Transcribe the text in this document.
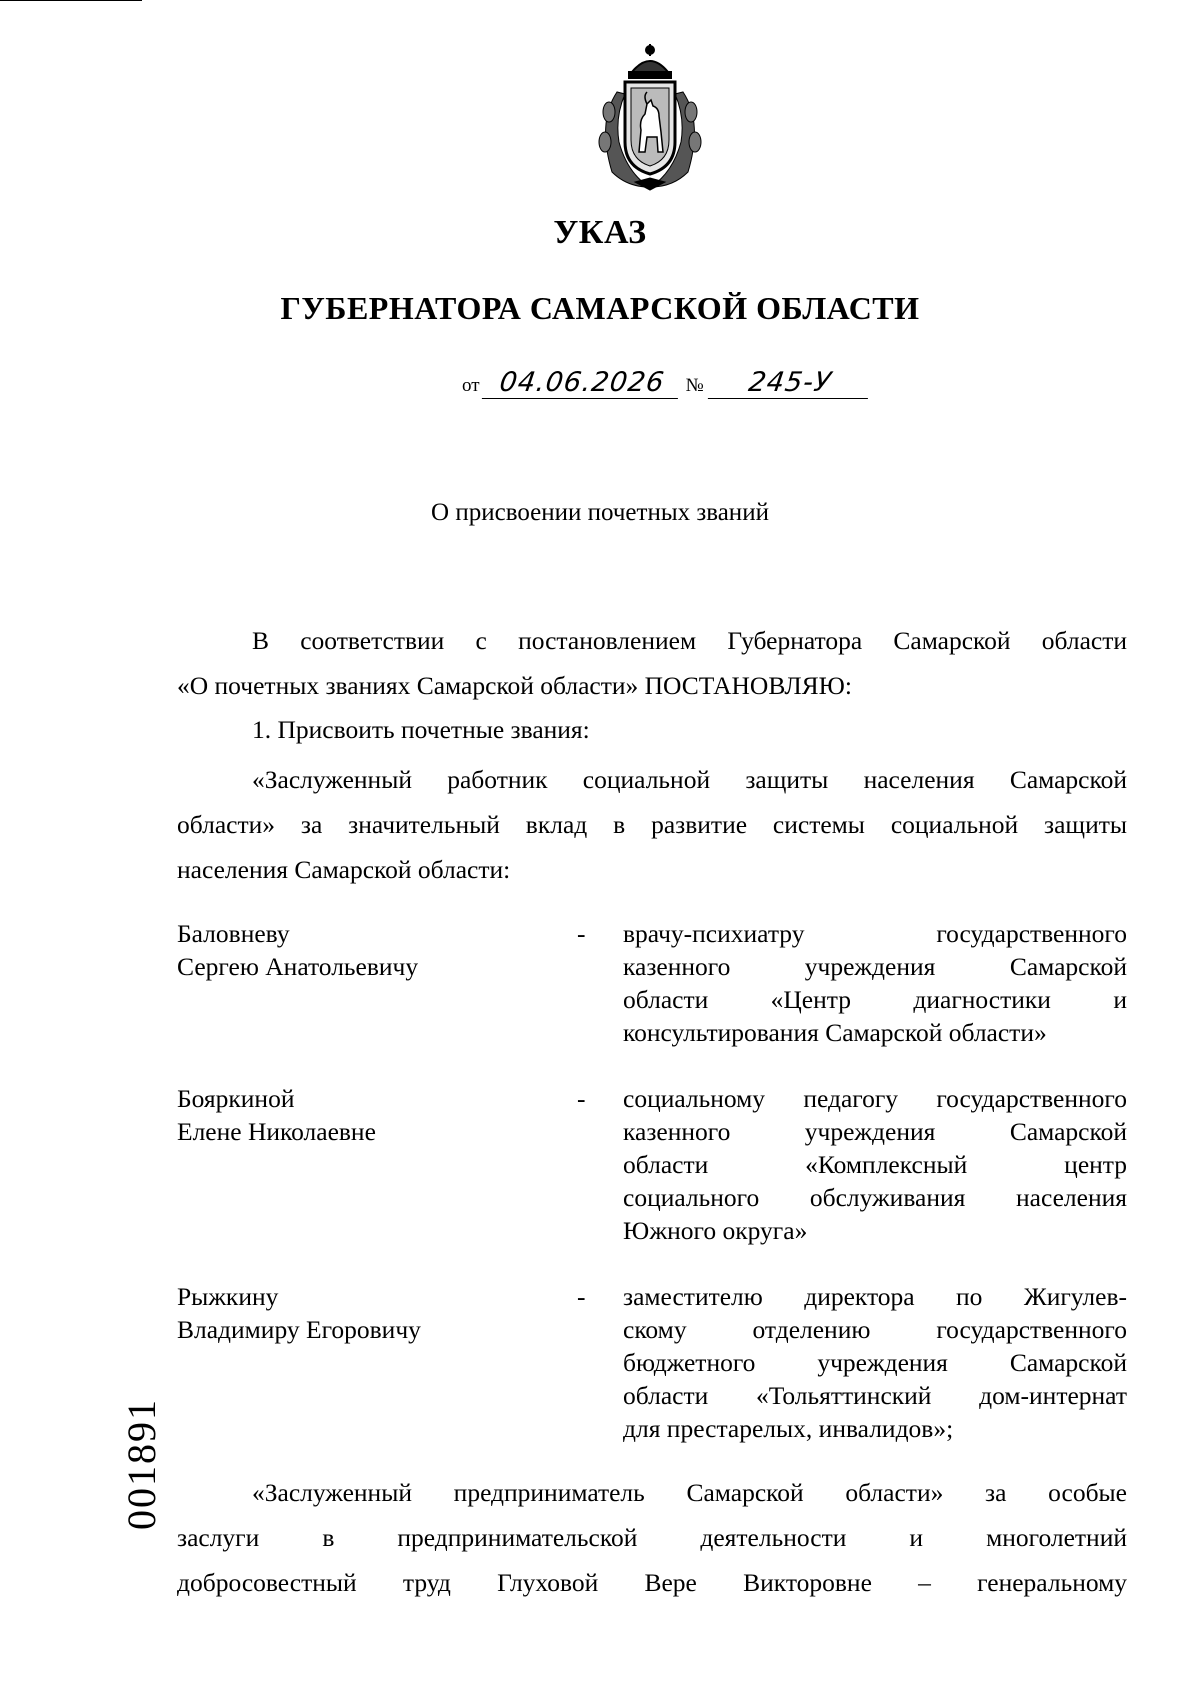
УКАЗ
ГУБЕРНАТОРА САМАРСКОЙ ОБЛАСТИ
от 04.06.2026 № 245-У
О присвоении почетных званий
В соответствии с постановлением Губернатора Самарской области
«О почетных званиях Самарской области» ПОСТАНОВЛЯЮ:
1. Присвоить почетные звания:
«Заслуженный работник социальной защиты населения Самарской
области» за значительный вклад в развитие системы социальной защиты
населения Самарской области:
Баловневу
Сергею Анатольевичу
-	врачу-психиатру государственного
казенного учреждения Самарской
области «Центр диагностики и
консультирования Самарской области»
Бояркиной
Елене Николаевне
-	социальному педагогу государственного
казенного учреждения Самарской
области «Комплексный центр
социального обслуживания населения
Южного округа»
Рыжкину
Владимиру Егоровичу
-	заместителю директора по Жигулев-
скому отделению государственного
бюджетного учреждения Самарской
области «Тольяттинский дом-интернат
для престарелых, инвалидов»;
«Заслуженный предприниматель Самарской области» за особые
заслуги в предпринимательской деятельности и многолетний
добросовестный труд Глуховой Вере Викторовне – генеральному
001891
